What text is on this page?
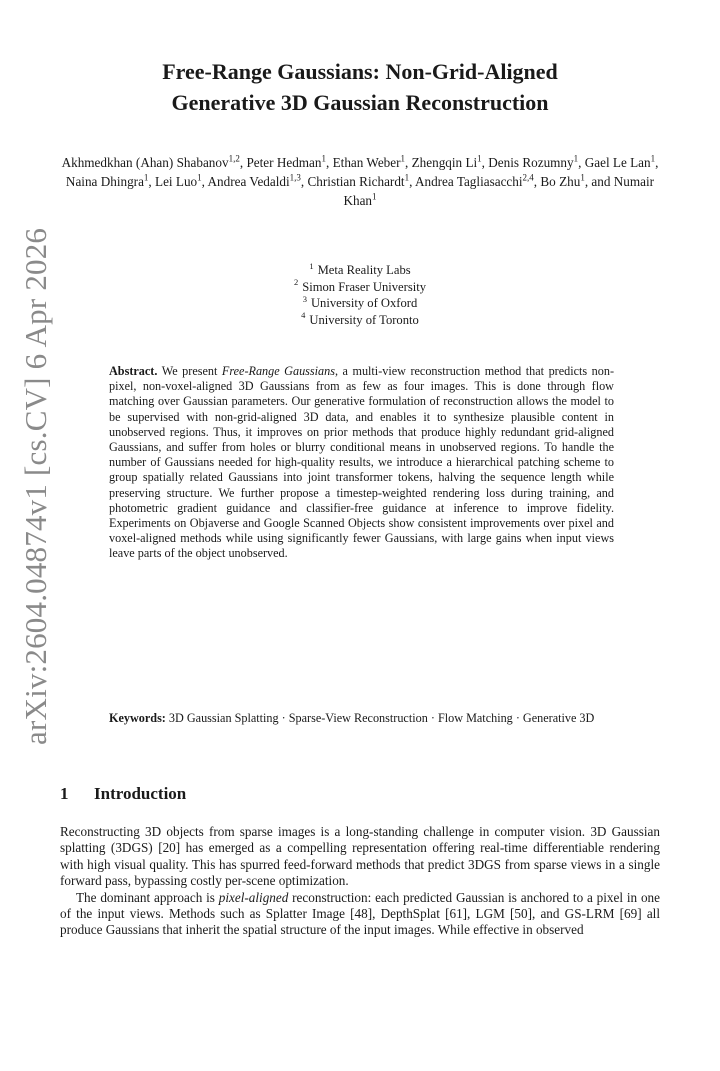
arXiv:2604.04874v1 [cs.CV] 6 Apr 2026
Free-Range Gaussians: Non-Grid-Aligned
Generative 3D Gaussian Reconstruction
Akhmedkhan (Ahan) Shabanov$^{1,2}$, Peter Hedman$^1$, Ethan Weber$^1$, Zhengqin Li$^1$, Denis Rozumny$^1$, Gael Le Lan$^1$, Naina Dhingra$^1$, Lei Luo$^1$, Andrea Vedaldi$^{1,3}$, Christian Richardt$^1$, Andrea Tagliasacchi$^{2,4}$, Bo Zhu$^1$, and Numair Khan$^1$
$^1$ Meta Reality Labs
$^2$ Simon Fraser University
$^3$ University of Oxford
$^4$ University of Toronto
Abstract. We present Free-Range Gaussians, a multi-view reconstruction method that predicts non-pixel, non-voxel-aligned 3D Gaussians from as few as four images. This is done through flow matching over Gaussian parameters. Our generative formulation of reconstruction allows the model to be supervised with non-grid-aligned 3D data, and enables it to synthesize plausible content in unobserved regions. Thus, it improves on prior methods that produce highly redundant grid-aligned Gaussians, and suffer from holes or blurry conditional means in unobserved regions. To handle the number of Gaussians needed for high-quality results, we introduce a hierarchical patching scheme to group spatially related Gaussians into joint transformer tokens, halving the sequence length while preserving structure. We further propose a timestep-weighted rendering loss during training, and photometric gradient guidance and classifier-free guidance at inference to improve fidelity. Experiments on Objaverse and Google Scanned Objects show consistent improvements over pixel and voxel-aligned methods while using significantly fewer Gaussians, with large gains when input views leave parts of the object unobserved.
Keywords: 3D Gaussian Splatting · Sparse-View Reconstruction · Flow Matching · Generative 3D
1 Introduction

Reconstructing 3D objects from sparse images is a long-standing challenge in computer vision. 3D Gaussian splatting (3DGS) [20] has emerged as a compelling representation offering real-time differentiable rendering with high visual quality. This has spurred feed-forward methods that predict 3DGS from sparse views in a single forward pass, bypassing costly per-scene optimization.

The dominant approach is pixel-aligned reconstruction: each predicted Gaussian is anchored to a pixel in one of the input views. Methods such as Splatter Image [48], DepthSplat [61], LGM [50], and GS-LRM [69] all produce Gaussians that inherit the spatial structure of the input images. While effective in observed
